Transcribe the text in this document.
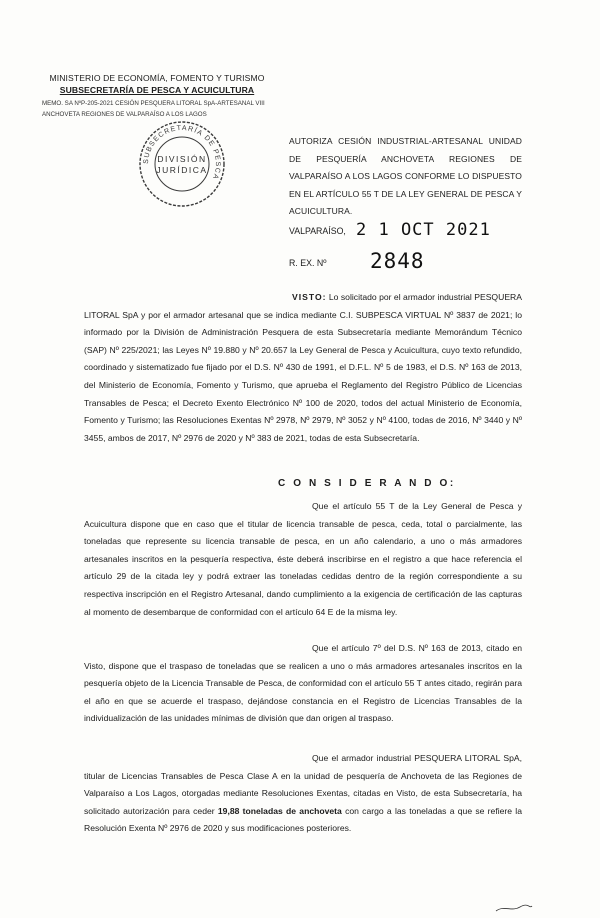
MINISTERIO DE ECONOMÍA, FOMENTO Y TURISMO
SUBSECRETARÍA DE PESCA Y ACUICULTURA
MEMO. SA NºP-205-2021 CESIÓN PESQUERA LITORAL SpA-ARTESANAL VIII
ANCHOVETA REGIONES DE VALPARAÍSO A LOS LAGOS
SUBSECRETARÍA DE PESCA
DIVISIÓN
JURÍDICA
AUTORIZA CESIÓN INDUSTRIAL-ARTESANAL UNIDAD DE PESQUERÍA ANCHOVETA REGIONES DE VALPARAÍSO A LOS LAGOS CONFORME LO DISPUESTO EN EL ARTÍCULO 55 T DE LA LEY GENERAL DE PESCA Y ACUICULTURA.
VALPARAÍSO, 2 1 OCT 2021
R. EX. Nº 2848
VISTO: Lo solicitado por el armador industrial PESQUERA LITORAL SpA y por el armador artesanal que se indica mediante C.I. SUBPESCA VIRTUAL Nº 3837 de 2021; lo informado por la División de Administración Pesquera de esta Subsecretaría mediante Memorándum Técnico (SAP) Nº 225/2021; las Leyes Nº 19.880 y Nº 20.657 la Ley General de Pesca y Acuicultura, cuyo texto refundido, coordinado y sistematizado fue fijado por el D.S. Nº 430 de 1991, el D.F.L. Nº 5 de 1983, el D.S. Nº 163 de 2013, del Ministerio de Economía, Fomento y Turismo, que aprueba el Reglamento del Registro Público de Licencias Transables de Pesca; el Decreto Exento Electrónico Nº 100 de 2020, todos del actual Ministerio de Economía, Fomento y Turismo; las Resoluciones Exentas Nº 2978, Nº 2979, Nº 3052 y Nº 4100, todas de 2016, Nº 3440 y Nº 3455, ambos de 2017, Nº 2976 de 2020 y Nº 383 de 2021, todas de esta Subsecretaría.
C O N S I D E R A N D O:
Que el artículo 55 T de la Ley General de Pesca y Acuicultura dispone que en caso que el titular de licencia transable de pesca, ceda, total o parcialmente, las toneladas que represente su licencia transable de pesca, en un año calendario, a uno o más armadores artesanales inscritos en la pesquería respectiva, éste deberá inscribirse en el registro a que hace referencia el artículo 29 de la citada ley y podrá extraer las toneladas cedidas dentro de la región correspondiente a su respectiva inscripción en el Registro Artesanal, dando cumplimiento a la exigencia de certificación de las capturas al momento de desembarque de conformidad con el artículo 64 E de la misma ley.
Que el artículo 7º del D.S. Nº 163 de 2013, citado en Visto, dispone que el traspaso de toneladas que se realicen a uno o más armadores artesanales inscritos en la pesquería objeto de la Licencia Transable de Pesca, de conformidad con el artículo 55 T antes citado, regirán para el año en que se acuerde el traspaso, dejándose constancia en el Registro de Licencias Transables de la individualización de las unidades mínimas de división que dan origen al traspaso.
Que el armador industrial PESQUERA LITORAL SpA, titular de Licencias Transables de Pesca Clase A en la unidad de pesquería de Anchoveta de las Regiones de Valparaíso a Los Lagos, otorgadas mediante Resoluciones Exentas, citadas en Visto, de esta Subsecretaría, ha solicitado autorización para ceder 19,88 toneladas de anchoveta con cargo a las toneladas a que se refiere la Resolución Exenta Nº 2976 de 2020 y sus modificaciones posteriores.
